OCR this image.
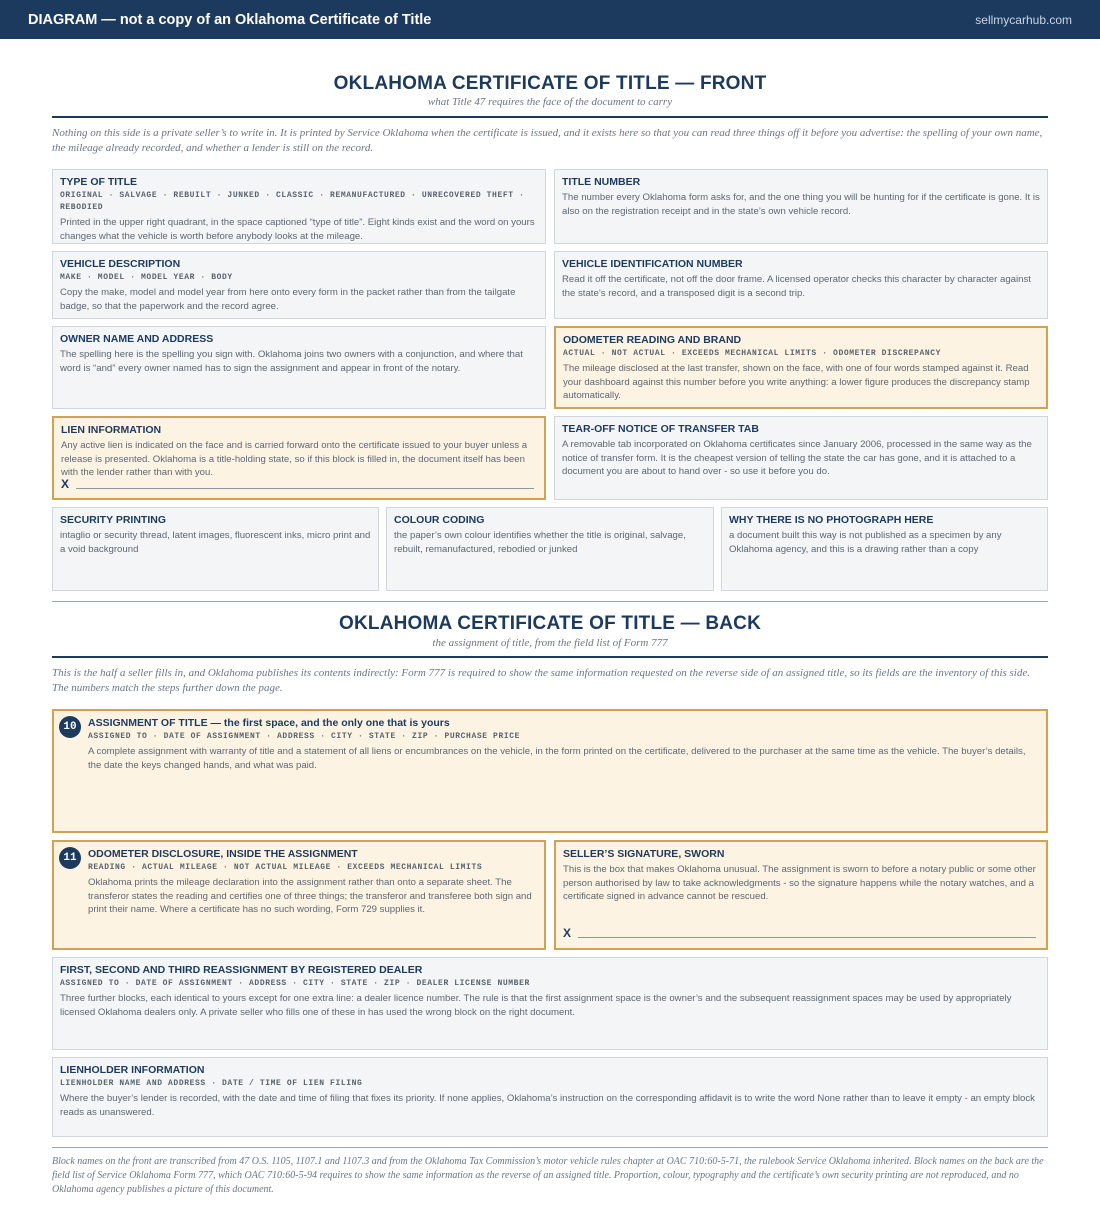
DIAGRAM — not a copy of an Oklahoma Certificate of Title	sellmycarhub.com
OKLAHOMA CERTIFICATE OF TITLE — FRONT
what Title 47 requires the face of the document to carry

Nothing on this side is a private seller’s to write in. It is printed by Service Oklahoma when the certificate is issued, and it exists here so that you can read three things off it before you advertise: the spelling of your own name, the mileage already recorded, and whether a lender is still on the record.

TYPE OF TITLE
ORIGINAL · SALVAGE · REBUILT · JUNKED · CLASSIC · REMANUFACTURED · UNRECOVERED THEFT · REBODIED
Printed in the upper right quadrant, in the space captioned “type of title”. Eight kinds exist and the word on yours changes what the vehicle is worth before anybody looks at the mileage.
TITLE NUMBER
The number every Oklahoma form asks for, and the one thing you will be hunting for if the certificate is gone. It is also on the registration receipt and in the state’s own vehicle record.
VEHICLE DESCRIPTION
MAKE · MODEL · MODEL YEAR · BODY
Copy the make, model and model year from here onto every form in the packet rather than from the tailgate badge, so that the paperwork and the record agree.
VEHICLE IDENTIFICATION NUMBER
Read it off the certificate, not off the door frame. A licensed operator checks this character by character against the state’s record, and a transposed digit is a second trip.
OWNER NAME AND ADDRESS
The spelling here is the spelling you sign with. Oklahoma joins two owners with a conjunction, and where that word is “and” every owner named has to sign the assignment and appear in front of the notary.
ODOMETER READING AND BRAND
ACTUAL · NOT ACTUAL · EXCEEDS MECHANICAL LIMITS · ODOMETER DISCREPANCY
The mileage disclosed at the last transfer, shown on the face, with one of four words stamped against it. Read your dashboard against this number before you write anything: a lower figure produces the discrepancy stamp automatically.
LIEN INFORMATION
Any active lien is indicated on the face and is carried forward onto the certificate issued to your buyer unless a release is presented. Oklahoma is a title-holding state, so if this block is filled in, the document itself has been with the lender rather than with you.
X
TEAR-OFF NOTICE OF TRANSFER TAB
A removable tab incorporated on Oklahoma certificates since January 2006, processed in the same way as the notice of transfer form. It is the cheapest version of telling the state the car has gone, and it is attached to a document you are about to hand over - so use it before you do.
SECURITY PRINTING
intaglio or security thread, latent images, fluorescent inks, micro print and a void background
COLOUR CODING
the paper’s own colour identifies whether the title is original, salvage, rebuilt, remanufactured, rebodied or junked
WHY THERE IS NO PHOTOGRAPH HERE
a document built this way is not published as a specimen by any Oklahoma agency, and this is a drawing rather than a copy
OKLAHOMA CERTIFICATE OF TITLE — BACK
the assignment of title, from the field list of Form 777

This is the half a seller fills in, and Oklahoma publishes its contents indirectly: Form 777 is required to show the same information requested on the reverse side of an assigned title, so its fields are the inventory of this side. The numbers match the steps further down the page.

10	ASSIGNMENT OF TITLE — the first space, and the only one that is yours
ASSIGNED TO · DATE OF ASSIGNMENT · ADDRESS · CITY · STATE · ZIP · PURCHASE PRICE
A complete assignment with warranty of title and a statement of all liens or encumbrances on the vehicle, in the form printed on the certificate, delivered to the purchaser at the same time as the vehicle. The buyer’s details, the date the keys changed hands, and what was paid.
11	ODOMETER DISCLOSURE, INSIDE THE ASSIGNMENT
READING · ACTUAL MILEAGE · NOT ACTUAL MILEAGE · EXCEEDS MECHANICAL LIMITS
Oklahoma prints the mileage declaration into the assignment rather than onto a separate sheet. The transferor states the reading and certifies one of three things; the transferor and transferee both sign and print their name. Where a certificate has no such wording, Form 729 supplies it.
SELLER’S SIGNATURE, SWORN
This is the box that makes Oklahoma unusual. The assignment is sworn to before a notary public or some other person authorised by law to take acknowledgments - so the signature happens while the notary watches, and a certificate signed in advance cannot be rescued.
X
FIRST, SECOND AND THIRD REASSIGNMENT BY REGISTERED DEALER
ASSIGNED TO · DATE OF ASSIGNMENT · ADDRESS · CITY · STATE · ZIP · DEALER LICENSE NUMBER
Three further blocks, each identical to yours except for one extra line: a dealer licence number. The rule is that the first assignment space is the owner’s and the subsequent reassignment spaces may be used by appropriately licensed Oklahoma dealers only. A private seller who fills one of these in has used the wrong block on the right document.
LIENHOLDER INFORMATION
LIENHOLDER NAME AND ADDRESS · DATE / TIME OF LIEN FILING
Where the buyer’s lender is recorded, with the date and time of filing that fixes its priority. If none applies, Oklahoma’s instruction on the corresponding affidavit is to write the word None rather than to leave it empty - an empty block reads as unanswered.

Block names on the front are transcribed from 47 O.S. 1105, 1107.1 and 1107.3 and from the Oklahoma Tax Commission’s motor vehicle rules chapter at OAC 710:60-5-71, the rulebook Service Oklahoma inherited. Block names on the back are the field list of Service Oklahoma Form 777, which OAC 710:60-5-94 requires to show the same information as the reverse of an assigned title. Proportion, colour, typography and the certificate’s own security printing are not reproduced, and no Oklahoma agency publishes a picture of this document.
